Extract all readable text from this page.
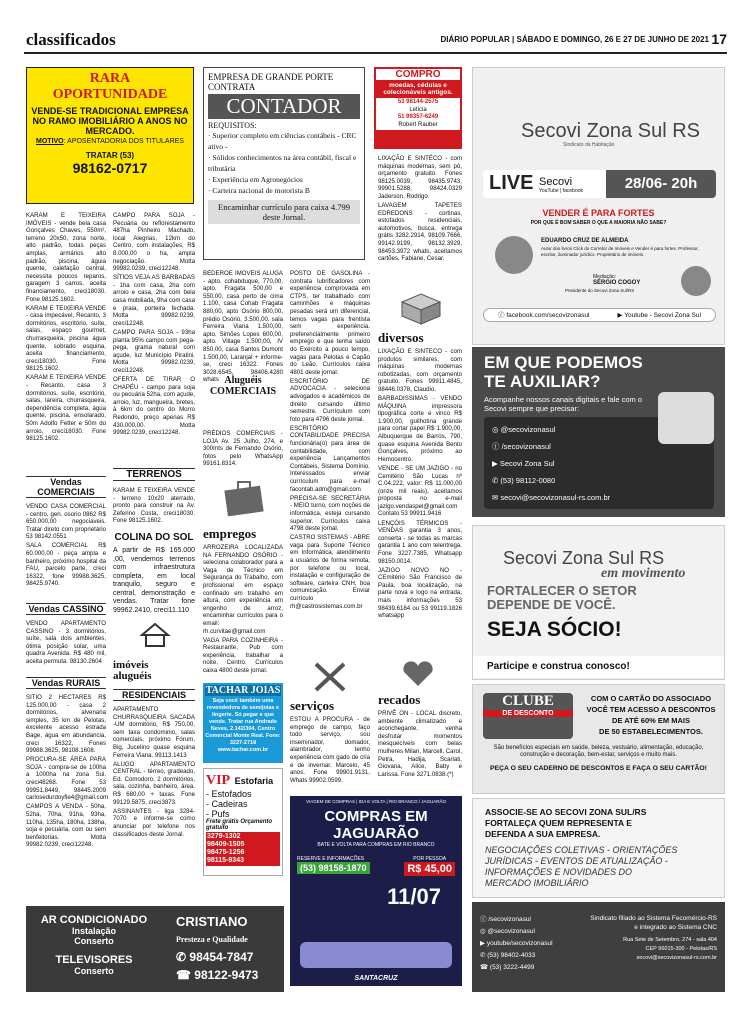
classificados	DIÁRIO POPULAR | SÁBADO E DOMINGO, 26 E 27 DE JUNHO DE 2021 17
RARA
OPORTUNIDADE
VENDE-SE TRADICIONAL EMPRESA NO RAMO IMOBILIÁRIO A ANOS NO MERCADO.
MOTIVO: APOSENTADORIA DOS TITULARES
TRATAR (53)
98162-0717
EMPRESA DE GRANDE PORTE CONTRATA
CONTADOR
REQUISITOS:
· Superior completo em ciências contábeis - CRC ativo -
· Sólidos conhecimentos na área contábil, fiscal e tributária
· Experiência em Agronegócios
· Carteira nacional de motorista B
Encaminhar currículo para caixa 4.799 deste Jornal.
COMPRO
moedas, cédulas e colecionáveis antigos.
53 98144-2575
Leticia
51 99357-6249
Robert Rauber

KARAM E TEIXEIRA IMÓVEIS - vende bela casa Gonçalves Chaves, 550m², terreno 20x50, zona norte, alto padrão, todas peças amplas, armários alto padrão, piscina, águia quente, calefação central, necessita poucos reparos, garagem 3 carros, aceita financiamento, creci18030. Fone 98125.1602.

KARAM E TEIXEIRA VENDE - casa impecável, Recanto, 3 dormitórios, escritório, suíte, salas, espaço gourmet, churrasqueira, piscina água quente, sobrado esquina, aceita financiamento, creci18030. Fone 98125.1602.

KARAM E TEIXEIRA VENDE - Recanto, casa 3 dormitórios, suíte, escritório, salas, lareira, churrasqueira, dependência completa, água quente, piscina, ensolarado, 50m Adolfo Fetter e 50m do arroio, creci18030. Fone 98125.1602.

Vendas COMERCIAIS

VENDO CASA COMERCIAL - centro, gen. osorio 0862 R$ 650.000,00 negociaveis. Tratar direto com proprietário 53 98142.0551

SALA COMERCIAL R$ 60.000,00 - peça ampla e banheiro, próximo hospital da FAU, parcelo parte, creci 16322, fone 99988.3625, 98425.9740.

Vendas CASSINO

VENDO APARTAMENTO CASSINO - 3 dormitórios, suíte, sala dois ambientes, ótima posição solar, uma quadra Avenida. R$ 480 mil, aceita permuta. 98130.2604

Vendas RURAIS

SITIO 2 HECTARES R$ 125.000,00 - casa 2 dormitórios, alvenaria simples, 35 km de Pelotas, excelente acesso estrada Bage, água em abundancia, creci 16322, Fones 99988.3625, 98108.1608.

PROCURA-SE ÁREA PARA SOJA - compra-se de 100ha a 1000ha na zona Sul. creci48268. Fone 53 99951.8449, 98445.2009 carlosedurdoyfle4@gmail.com

CAMPOS A VENDA - 50ha, 52ha, 70ha, 91ha, 93ha, 110ha, 135ha, 180ha, 138ha, soja e pecuária, com ou sem benfeitorias. Motta 99982.0239, creci12248.

CAMPO PARA SOJA - Pecuária ou reflorestamento 487ha Pinheiro Machado, local Alegrias, 12km do Centro, com instalações, R$ 8.000,00 o ha, ampla negociação. Motta 99982.0239, creci12248.

SÍTIOS VEJA AS BARBADAS - 1ha com casa, 2ha com arroio e casa, 2ha com bela casa mobiliada, 9ha com casa e praia, porteira fechada. Motta 99982.0239, creci12248.

CAMPO PARA SOJA - 93ha planta 95% campo com pega-pega, grama natural com açude, luz Município Piratini. Motta 99982.0239, creci12248.

OFERTA DE TIRAR O CHAPÉU - campo para soja ou pecuária 52ha, com açude, arroio, luz, mangueira, bretes, à 6km do centro do Morro Redondo, preço apenas R$ 430.000,00. Motta 99982.0239, creci12248.

TERRENOS

KARAM E TEIXEIRA VENDE - terreno 10x20 aterrado, pronto para construir na Av. Zeferino Costa, creci18030. Fone 98125.1602.

COLINA DO SOL

A partir de R$ 165.000 ,00, vendemos terrenos com infraestrutura completa, em local tranquilo, seguro e central, demonstração e vendas. Tratar fone 99962.2410, creci11.110

imóveis aluguéis
RESIDENCIAIS

APARTAMENTO CHURRASQUEIRA SACADA -UM dormitório, R$ 750,00, sem taxa condominio, salas comerciais, próximo Fórum, Big, Jucelino quase esquina Ferreira Viana. 99113.1413

ALUGO APARTAMENTO CENTRAL - térreo, gradeado, Ed. Comodoro, 2 dormitórios, sala, cozinha, banheiro, área. R$ 680,00 + taxas. Fone 99129.5875, creci3873.

ASSINANTES - liga 3284-7070 e informe-se como anunciar por telefone nos classificados deste Jornal.

BEDEROE IMOVEIS ALUGA - apto. cohabduque, 770,00, apto. Fragata 500,00 e 550,00, casa perto de cima 1.100, casa Cohab Fragata 880,00, apto Osório 800,00, prédio Osório, 3.500,00, sala Ferreira Viana 1.500,00, apto. Simões Lopes 600,00, apto. Village 1.500,00, IV 850,00, casa Santos Dumont 1.500,00, Laranjal + informe-se, creci 16322. Fones 3028.6545, 98406.4280 whats Aluguéis COMERCIAIS

PRÉDIOS COMERCIAIS - LOJA Av. 25 Julho, 274, e 300mts de Fernando Osório, fotos pelo WhatsApp 99161.8314.

empregos

ARROZEIRA LOCALIZADA NA FERNANDO OSÓRIO - seleciona colaborador para a Vaga de Técnico em Segurança do Trabalho, com profissional em espaço confinado em trabalho em altura, com experiência em engenho de arroz, encaminhar currículos para o email: rh.curvitae@gmail.com

VAGA PARA COZINHEIRA - Restaurante, Pub com experiência, trabalhar a noite, Centro. Currículos caixa 4800 deste jornal.

TACHAR JOIAS
Seja você também uma revendedora de semijoias e lingerie. Só pegar e que vende. Tratar rua Andrade Neves, 2.142/304, Centro Comercial Monte Real. Fone: 3227-2718 www.tachar.com.br
VIP Estofaria
- Estofados
- Cadeiras
- Pufs
Frete grátis Orçamento gratuito
3279-1302
98409-1505
98475-1256
98115-9343

POSTO DE GASOLINA - contrata lubrificadores com experiência comprovada em CTPS, ter trabalhado com caminhões e máquinas pesadas será um diferencial, temos vagas para frentista sem experiência, preferencialmente primeiro emprego e que tenha saído do Exército a pouco tempo, vagas para Pelotas e Capão do Leão. Currículos caixa 4801 deste jornal.

ESCRITÓRIO DE ADVOCACIA - seleciona advogados e acadêmicos de direito cursando último semestre. Currículum com foto para 4796 deste jornal.

ESCRITÓRIO CONTABILIDADE PRECISA funcionária(o) para área de contabilidade, com experiência Lançamentos Contábeis, Sistema Domínio. Interessados enviar currículum para e-mail facontab.adm@gmail.com

PRECISA-SE SECRETÁRIA - MEIO turno, com noções de informática, esteja cursando superior. Currículos caixa 4798 deste jornal.

CASTRO SISTEMAS - ABRE vaga para Suporte Técnico em Informática, atendimento a usuários de forma remota, por telefone ou local, instalação e configuração de software, carteira CNH, boa comunicação. Enviar currículo rh@castrosistemas.com.br

serviços

ESTOU A PROCURA - de emprego de campo, faço todo serviço, sou inseminador, domador, alambrador, tenho experiência com gado de cria e de invernar. Marcelo, 45 anos. Fone 99901.9131, Whats 99902.0599.

LIXAÇÃO E SINTÉCO - com máquinas modernas, sem pó, orçamento gratuito. Fones 98125.0039, 98435.9743, 99901.5288, 98424.0329 Jaderson, Rodrigo.

LAVAGEM TAPETES EDREDONS - cortinas, estofados residenciais, automotivos, busca, entrega grátis 3282.2914, 98109.7666, 99142.9199, 98132.3929, 98453.3972 whats, aceitamos cartões, Fabiane, Cesar.

diversos

LIXAÇÃO E SINTECO - com produtos similares, com máquinas modernas robotizadas, com orçamento gratuito. Fones 99911.4845, 98446.0378, Claudio.

BARBADISSIMAS - VENDO MÁQUINA impressora tipográfica corte e vinco R$ 1.900,00, guilhotina grande para cortar papel R$ 1.900,00, Albuquerque de Barros, 790, quase esquina Avenida Bento Gonçalves, próximo ao Hemocentro.

VENDE - SE UM JAZIGO - no Cemitério São Lucas nº C.04.222, valor: R$ 11.000,00 (onze mil reais), aceitamos proposta no e-mail jazigo.vendaspel@gmail.com Contato 53 99911.9416

LENÇÓIS TÉRMICOS - VENDAS garantia 3 anos, conserta - se todas as marcas garantia 1 ano com telentrega. Fone 3227.7385, Whatsapp 98150.0014.

JAZIGO NOVO NO - CEmitério São Francisco de Paula, boa localização, na parte nova e logo na entrada, mais informações 53 98439.6184 ou 53 99119.1826 whatsapp

recados

PRIVÊ ON - LOCAL discreto, ambiente climatizado e aconchegante, venha desfrutar momentos inesquecíveis com belas mulheres Milan, Marcell, Carol, Petra, Hadija, Scarlati, Giovana, Alice, Baby e Larissa. Fone 3271.0838.(*)

VIAGEM DE COMPRAS | IDA E VOLTA | RIO BRANCO / JAGUARÃO
COMPRAS EM JAGUARÃO
BATE E VOLTA PARA COMPRAS EM RIO BRANCO
RESERVE E INFORMAÇÕES
(53) 98158-1870
POR PESSOA
R$ 45,00
11/07
SANTACRUZ
AR CONDICIONADO
Instalação
Conserto
TELEVISORES
Conserto
CRISTIANO
Presteza e Qualidade
✆ 98454-7847
☎ 98122-9473
Secovi Zona Sul RS
Sindicato da Habitação
LIVE Secovi
YouTube | facebook	28/06- 20h
VENDER É PARA FORTES
POR QUE É BOM SABER O QUE A MAIORIA NÃO SABE?
EDUARDO CRUZ DE ALMEIDA
Autor dos livros Click do Corretor de Imóveis e Vender é para fortes. Professor, escritor, iluminador jurídico. Proprietário de imóveis.
Mediação:
SÉRGIO COGOY
Presidente do Secovi Zona Sul/RS
ⓕ facebook.com/secovizonasul	▶ Youtube - Secovi Zona Sul
EM QUE PODEMOS
TE AUXILIAR?
Acompanhe nossos canais digitais e fale com o Secovi sempre que precisar:
◎ @secovizonasul
ⓕ /secovizonasul
▶ Secovi Zona Sul
✆ (53) 98112-0080
✉ secovi@secovizonasul-rs.com.br
Secovi Zona Sul RS
em movimento
FORTALECER O SETOR
DEPENDE DE VOCÊ.
SEJA SÓCIO!
Participe e construa conosco!
CLUBE
DE DESCONTO
COM O CARTÃO DO ASSOCIADO
VOCÊ TEM ACESSO A DESCONTOS
DE ATÉ 60% EM MAIS
DE 50 ESTABELECIMENTOS.
São benefícios especiais em saúde, beleza, vestuário, alimentação, educação, construção e decoração, bem-estar, serviços e muito mais.
PEÇA O SEU CADERNO DE DESCONTOS E FAÇA O SEU CARTÃO!
ASSOCIE-SE AO SECOVI ZONA SUL/RS
FORTALEÇA QUEM REPRESENTA E
DEFENDA A SUA EMPRESA.
NEGOCIAÇÕES COLETIVAS - ORIENTAÇÕES
JURÍDICAS - EVENTOS DE ATUALIZAÇÃO -
INFORMAÇÕES E NOVIDADES DO
MERCADO IMOBILIÁRIO
ⓕ /secovizonasul
◎ @secovizonasul
▶ youtube/secovizonasul
✆ (53) 98402-4033
☎ (53) 3222-4499
Sindicato filiado ao Sistema Fecomércio-RS
e integrado ao Sistema CNC
Rua Sete de Setembro, 274 - sala 404
CEP 96015-300 - Pelotas/RS
secovi@secovizonasul-rs.com.br
